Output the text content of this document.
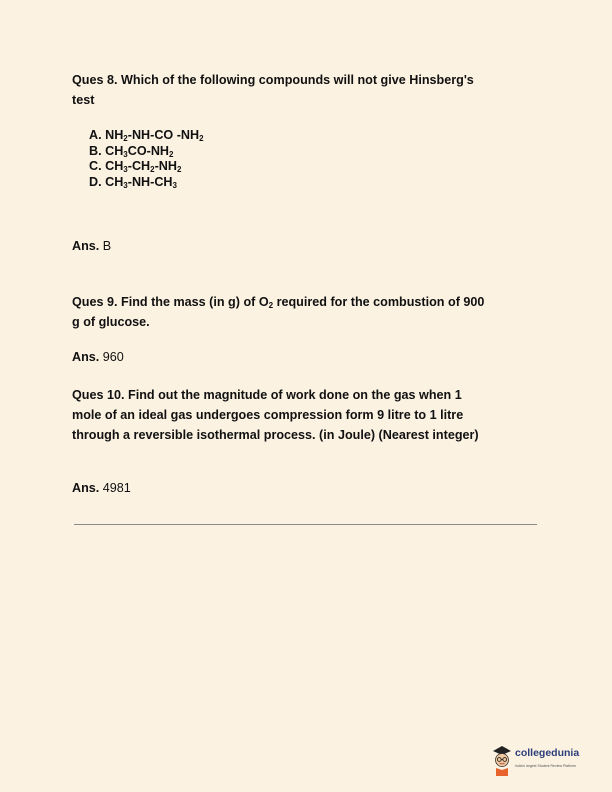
Ques 8. Which of the following compounds will not give Hinsberg's
test
A. $NH_2-NH-CO$ $-NH_2$
B. $CH_3CO-NH_2$
C. $CH_3-CH_2-NH_2$
D. $CH_3-NH-CH_3$
Ans. B
Ques 9. Find the mass (in g) of $O_2$ required for the combustion of 900
g of glucose.
Ans. 960
Ques 10. Find out the magnitude of work done on the gas when 1
mole of an ideal gas undergoes compression form 9 litre to 1 litre
through a reversible isothermal process. (in Joule) (Nearest integer)
Ans. 4981
collegedunia
India's largest Student Review Platform
